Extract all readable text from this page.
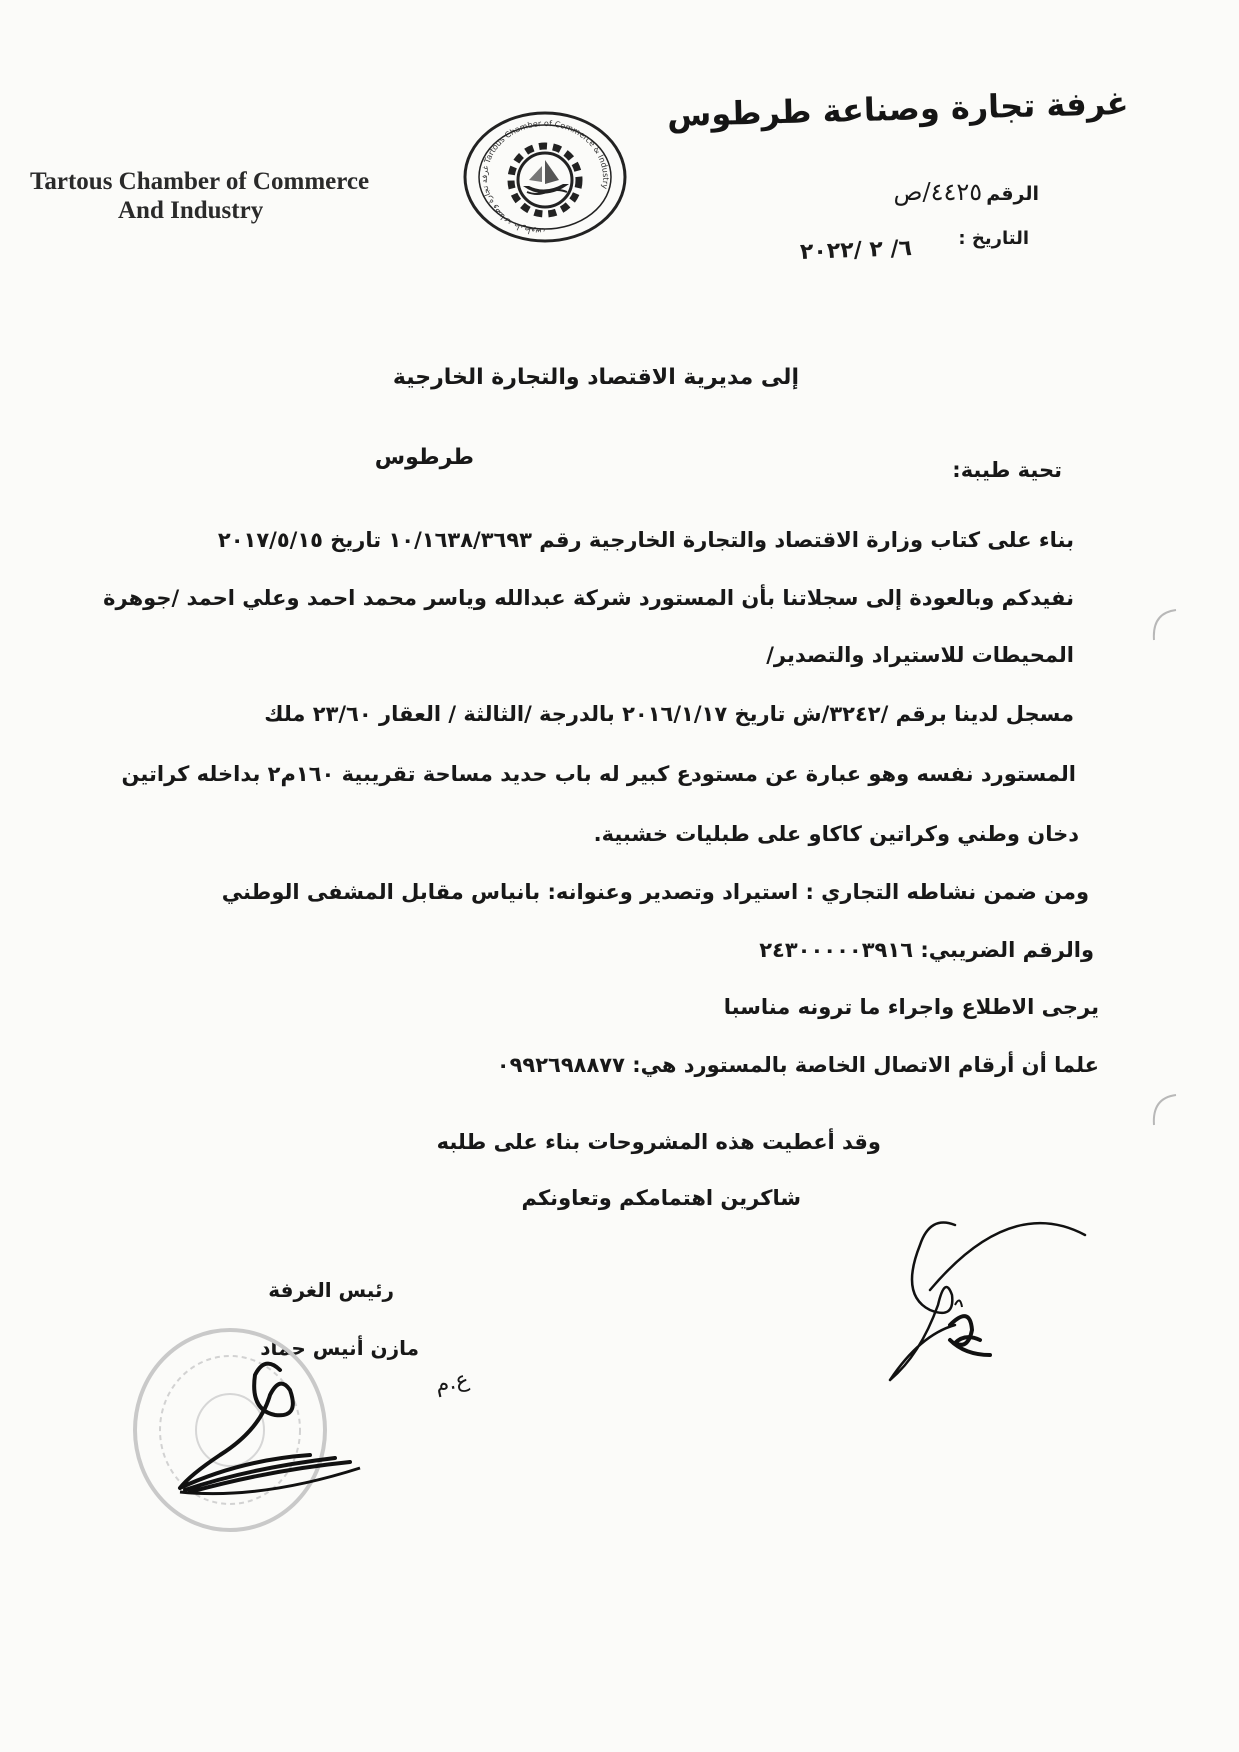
Tartous Chamber of Commerce
And Industry
غرفة تجارة وصناعة طرطوس Tartous Chamber of Commerce & Industry
غرفة تجارة وصناعة طرطوس
الرقم٤٤٢٥/ص
التاريخ :
٦/ ٢ /٢٠٢٢
إلى مديرية الاقتصاد والتجارة الخارجية
طرطوس	تحية طيبة:
بناء على كتاب وزارة الاقتصاد والتجارة الخارجية رقم ١٠/١٦٣٨/٣٦٩٣ تاريخ ٢٠١٧/٥/١٥
نفيدكم وبالعودة إلى سجلاتنا بأن المستورد شركة عبدالله وياسر محمد احمد وعلي احمد /جوهرة
المحيطات للاستيراد والتصدير/
مسجل لدينا برقم /٣٢٤٢/ش تاريخ ٢٠١٦/١/١٧ بالدرجة /الثالثة / العقار ٢٣/٦٠ ملك
المستورد نفسه وهو عبارة عن مستودع كبير له باب حديد مساحة تقريبية ١٦٠م٢ بداخله كراتين
دخان وطني وكراتين كاكاو على طبليات خشبية.
ومن ضمن نشاطه التجاري : استيراد وتصدير وعنوانه: بانياس مقابل المشفى الوطني
والرقم الضريبي: ٢٤٣٠٠٠٠٠٣٩١٦
يرجى الاطلاع واجراء ما ترونه مناسبا
علما أن أرقام الاتصال الخاصة بالمستورد هي: ٠٩٩٢٦٩٨٨٧٧
وقد أعطيت هذه المشروحات بناء على طلبه
شاكرين اهتمامكم وتعاونكم
رئيس الغرفة
مازن أنيس حماد
ع.م
